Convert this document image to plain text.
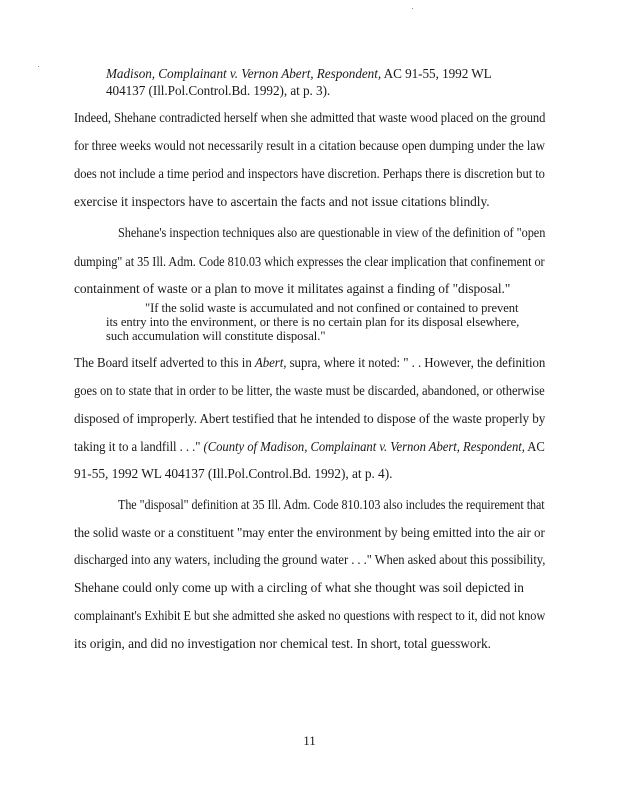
Madison, Complainant v. Vernon Abert, Respondent, AC 91-55, 1992 WL
404137 (Ill.Pol.Control.Bd. 1992), at p. 3).
Indeed, Shehane contradicted herself when she admitted that waste wood placed on the ground
for three weeks would not necessarily result in a citation because open dumping under the law
does not include a time period and inspectors have discretion. Perhaps there is discretion but to
exercise it inspectors have to ascertain the facts and not issue citations blindly.
Shehane's inspection techniques also are questionable in view of the definition of "open
dumping" at 35 Ill. Adm. Code 810.03 which expresses the clear implication that confinement or
containment of waste or a plan to move it militates against a finding of "disposal."
"If the solid waste is accumulated and not confined or contained to prevent
its entry into the environment, or there is no certain plan for its disposal elsewhere,
such accumulation will constitute disposal."
The Board itself adverted to this in Abert, supra, where it noted: " . . However, the definition
goes on to state that in order to be litter, the waste must be discarded, abandoned, or otherwise
disposed of improperly. Abert testified that he intended to dispose of the waste properly by
taking it to a landfill . . ." (County of Madison, Complainant v. Vernon Abert, Respondent, AC
91-55, 1992 WL 404137 (Ill.Pol.Control.Bd. 1992), at p. 4).
The "disposal" definition at 35 Ill. Adm. Code 810.103 also includes the requirement that
the solid waste or a constituent "may enter the environment by being emitted into the air or
discharged into any waters, including the ground water . . ." When asked about this possibility,
Shehane could only come up with a circling of what she thought was soil depicted in
complainant's Exhibit E but she admitted she asked no questions with respect to it, did not know
its origin, and did no investigation nor chemical test. In short, total guesswork.
11
